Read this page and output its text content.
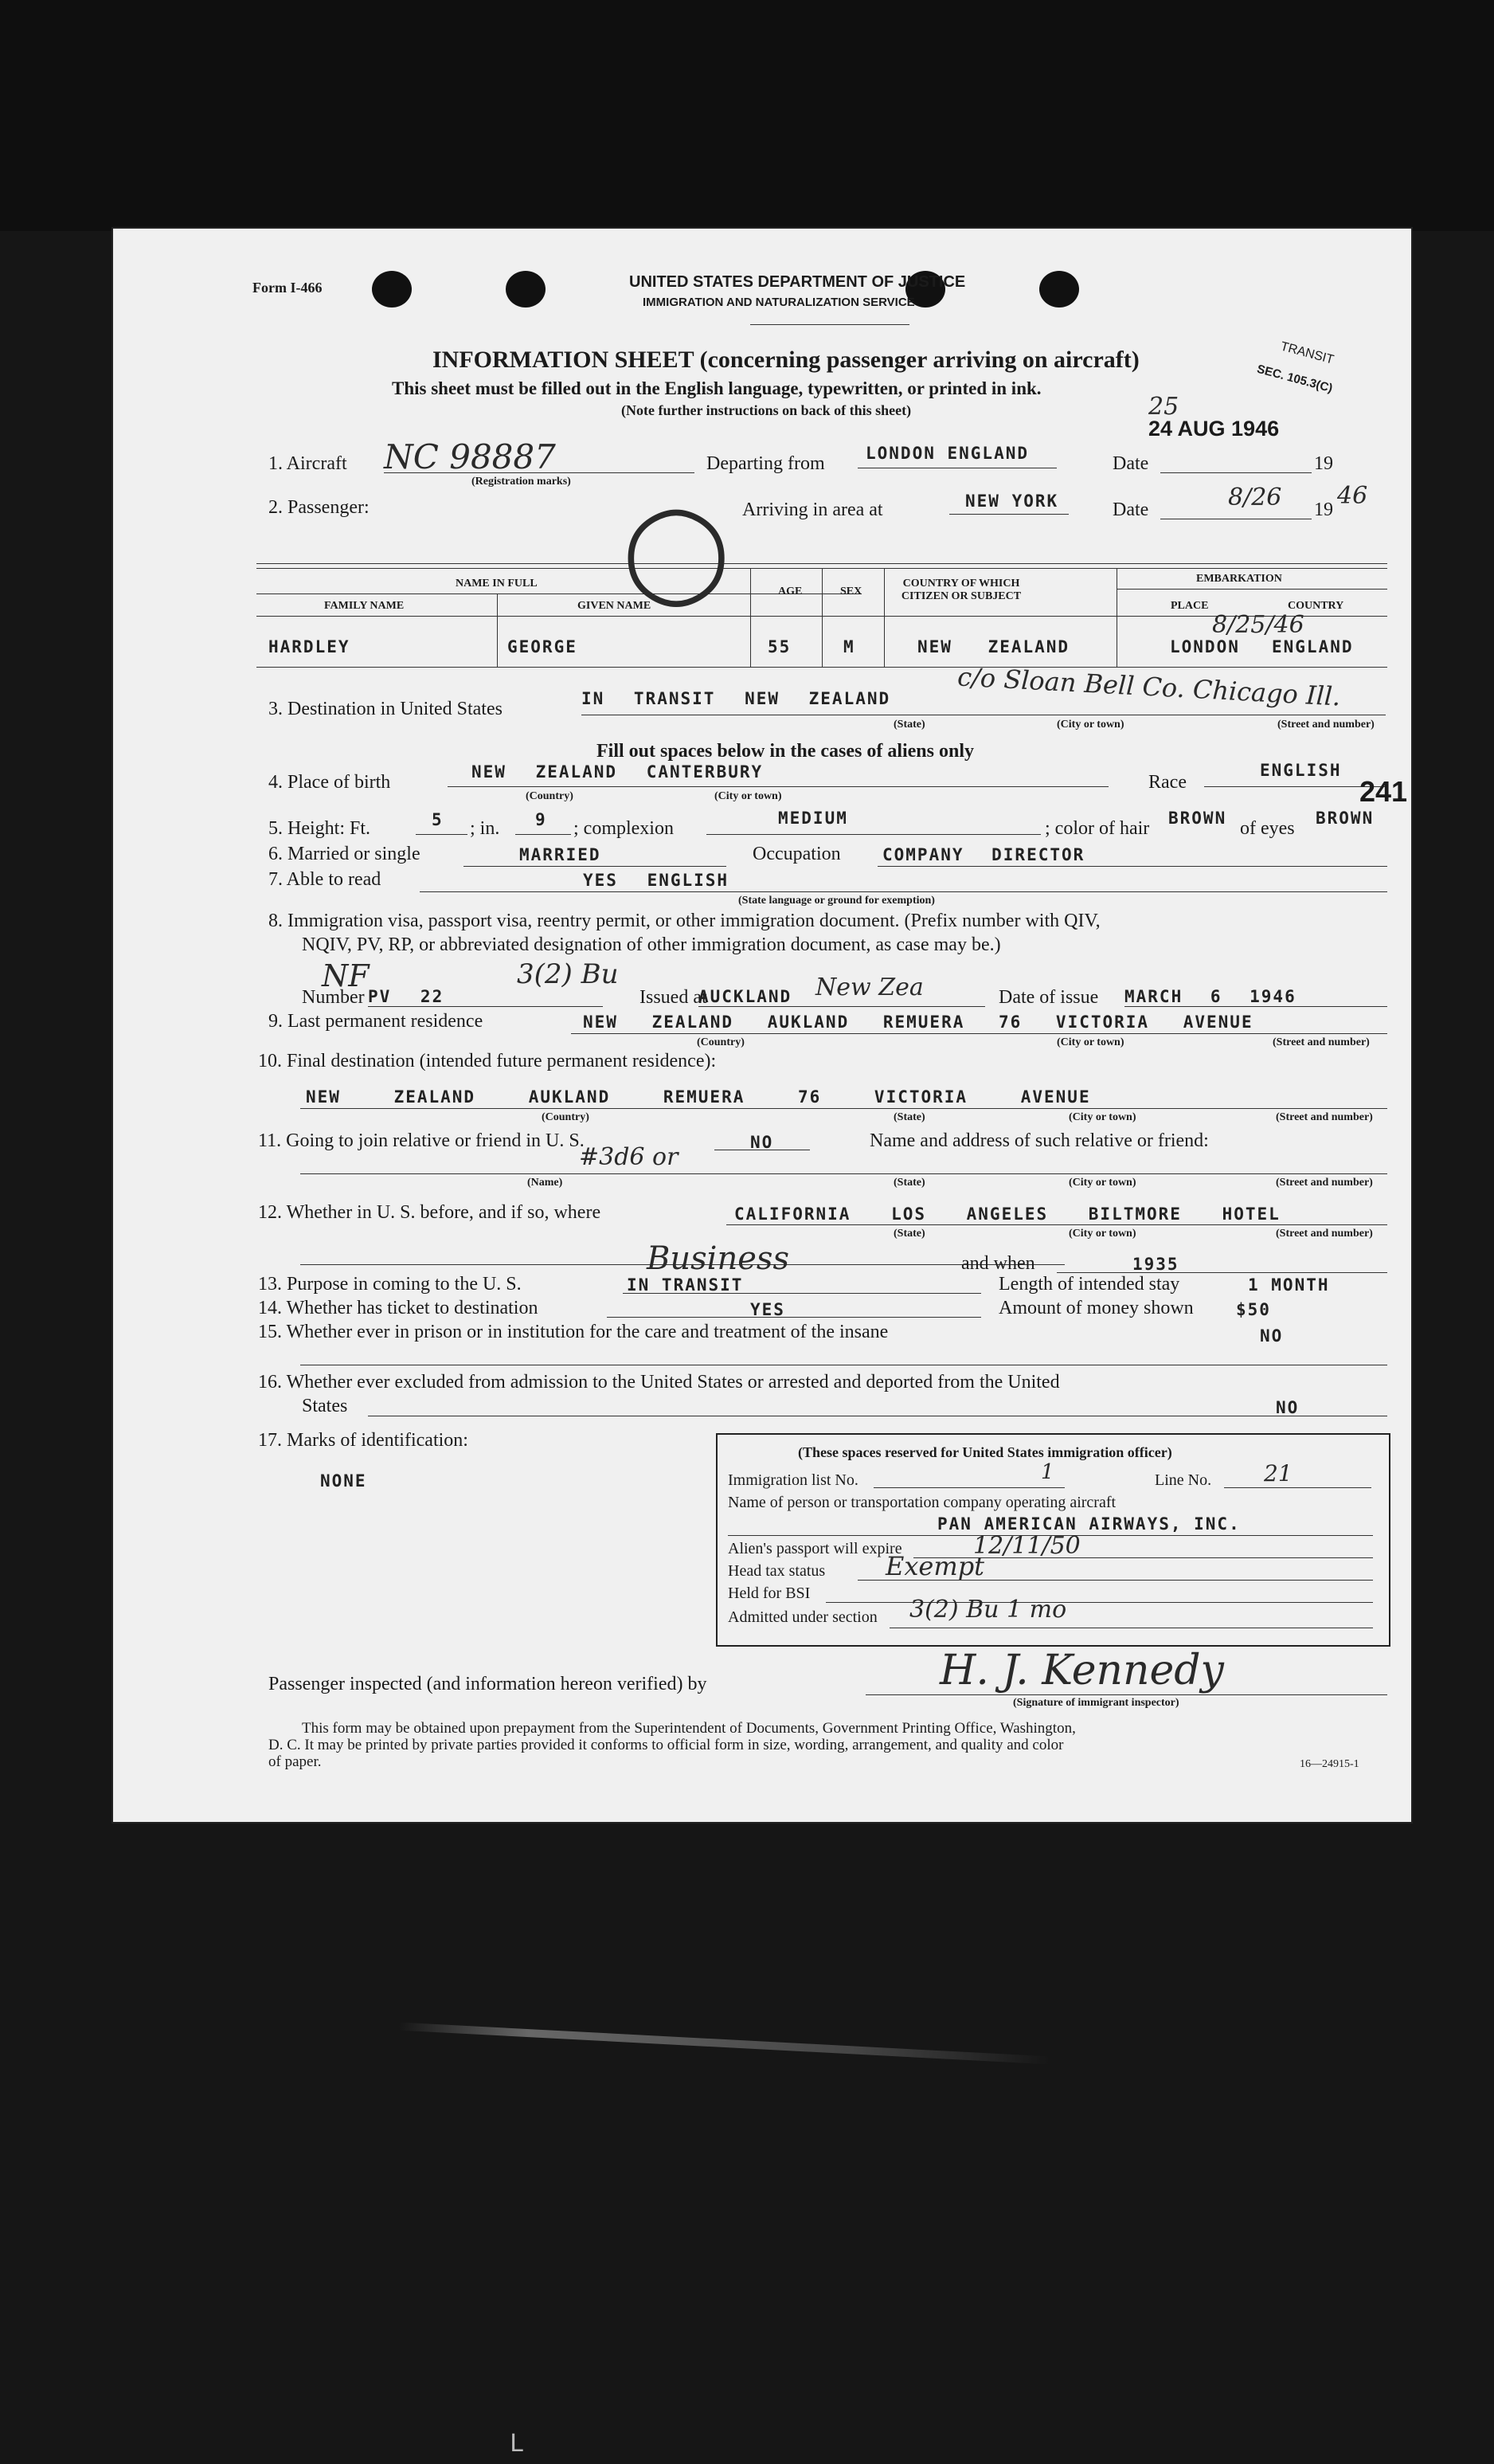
Form I-466	UNITED STATES DEPARTMENT OF JUSTICE
IMMIGRATION AND NATURALIZATION SERVICE
INFORMATION SHEET (concerning passenger arriving on aircraft)
This sheet must be filled out in the English language, typewritten, or printed in ink.
(Note further instructions on back of this sheet)
TRANSIT
SEC. 105.3(C)
25
24 AUG 1946
1. Aircraft NC 98887
(Registration marks)
Departing from LONDON ENGLAND	Date	19
2. Passenger:	Arriving in area at	NEW YORK	Date	8/26 19 46
NAME IN FULL
FAMILY NAME	GIVEN NAME
AGE	SEX
COUNTRY OF WHICH CITIZEN OR SUBJECT
EMBARKATION
PLACE	COUNTRY
HARDLEY	GEORGE	55	M	NEW ZEALAND	LONDON ENGLAND
8/25/46
◯
3. Destination in United States	IN TRANSIT NEW ZEALAND	c/o Sloan Bell Co. Chicago Ill.
(State)	(City or town)	(Street and number)
Fill out spaces below in the cases of aliens only
4. Place of birth	NEW ZEALAND CANTERBURY
(Country)	(City or town)
Race
ENGLISH
241
5. Height: Ft.	5 ; in. 9 ; complexion	MEDIUM	; color of hair BROWN of eyes BROWN
6. Married or single	MARRIED	Occupation COMPANY DIRECTOR
7. Able to read	YES ENGLISH
(State language or ground for exemption)
8. Immigration visa, passport visa, reentry permit, or other immigration document. (Prefix number with QIV,
NQIV, PV, RP, or abbreviated designation of other immigration document, as case may be.)
NF	3(2) Bu
Number PV 22	Issued at
AUCKLAND New Zea	Date of issue MARCH 6 1946
9. Last permanent residence	NEW ZEALAND AUKLAND REMUERA 76 VICTORIA AVENUE
(Country)	(City or town)	(Street and number)
10. Final destination (intended future permanent residence):
NEW ZEALAND AUKLAND REMUERA 76 VICTORIA AVENUE
(Country)	(State)	(City or town)	(Street and number)
11. Going to join relative or friend in U. S.	NO	Name and address of such relative or friend:
#3d6 or
(Name)	(State)	(City or town)	(Street and number)
12. Whether in U. S. before, and if so, where	CALIFORNIA LOS ANGELES BILTMORE HOTEL
(State)	(City or town)	(Street and number)
and when	1935
13. Purpose in coming to the U. S.
Business
IN TRANSIT	Length of intended stay	1 MONTH
14. Whether has ticket to destination	YES	Amount of money shown	$50
15. Whether ever in prison or in institution for the care and treatment of the insane	NO
16. Whether ever excluded from admission to the United States or arrested and deported from the United
States	NO
17. Marks of identification:
NONE
(These spaces reserved for United States immigration officer)
Immigration list No.	1	Line No. 21
Name of person or transportation company operating aircraft
PAN AMERICAN AIRWAYS, INC.
Alien's passport will expire	12/11/50
Head tax status Exempt
Held for BSI
Admitted under section 3(2) Bu 1 mo
Passenger inspected (and information hereon verified) by	H. J. Kennedy
(Signature of immigrant inspector)
This form may be obtained upon prepayment from the Superintendent of Documents, Government Printing Office, Washington,
D. C. It may be printed by private parties provided it conforms to official form in size, wording, arrangement, and quality and color
of paper.	16—24915-1
L
